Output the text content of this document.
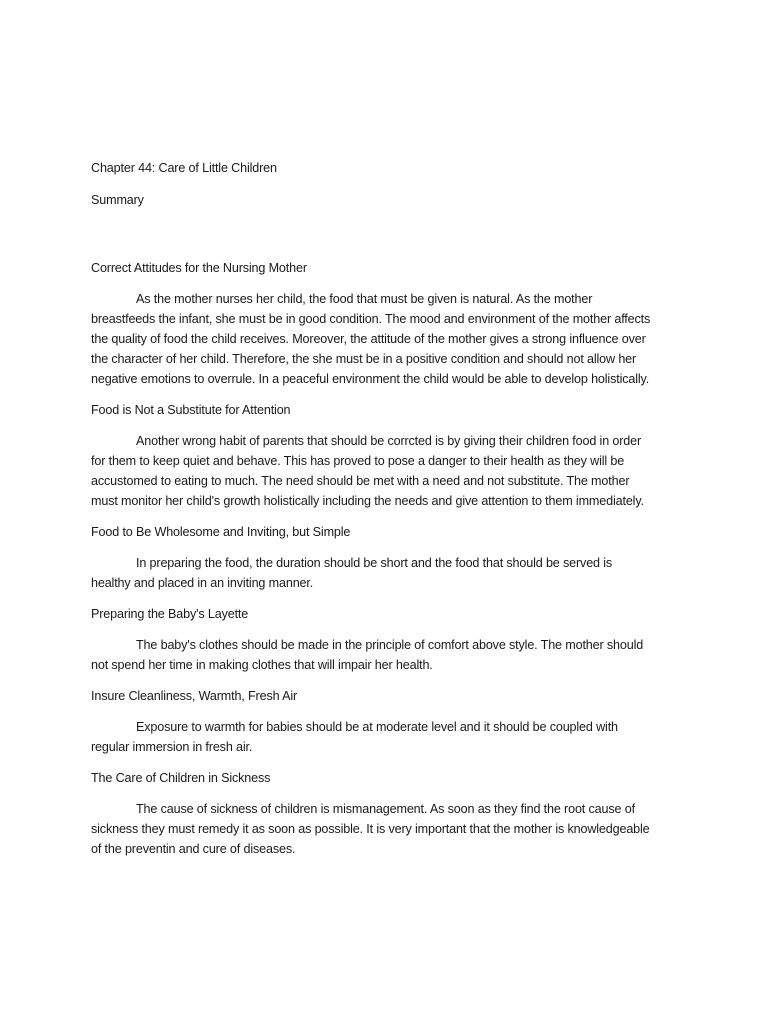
Chapter 44: Care of Little Children

Summary

Correct Attitudes for the Nursing Mother

As the mother nurses her child, the food that must be given is natural. As the mother

breastfeeds the infant, she must be in good condition. The mood and environment of the mother affects

the quality of food the child receives. Moreover, the attitude of the mother gives a strong influence over

the character of her child. Therefore, the she must be in a positive condition and should not allow her

negative emotions to overrule. In a peaceful environment the child would be able to develop holistically.

Food is Not a Substitute for Attention

Another wrong habit of parents that should be corrcted is by giving their children food in order

for them to keep quiet and behave. This has proved to pose a danger to their health as they will be

accustomed to eating to much. The need should be met with a need and not substitute. The mother

must monitor her child's growth holistically including the needs and give attention to them immediately.

Food to Be Wholesome and Inviting, but Simple

In preparing the food, the duration should be short and the food that should be served is

healthy and placed in an inviting manner.

Preparing the Baby's Layette

The baby's clothes should be made in the principle of comfort above style. The mother should

not spend her time in making clothes that will impair her health.

Insure Cleanliness, Warmth, Fresh Air

Exposure to warmth for babies should be at moderate level and it should be coupled with

regular immersion in fresh air.

The Care of Children in Sickness

The cause of sickness of children is mismanagement. As soon as they find the root cause of

sickness they must remedy it as soon as possible. It is very important that the mother is knowledgeable

of the preventin and cure of diseases.
